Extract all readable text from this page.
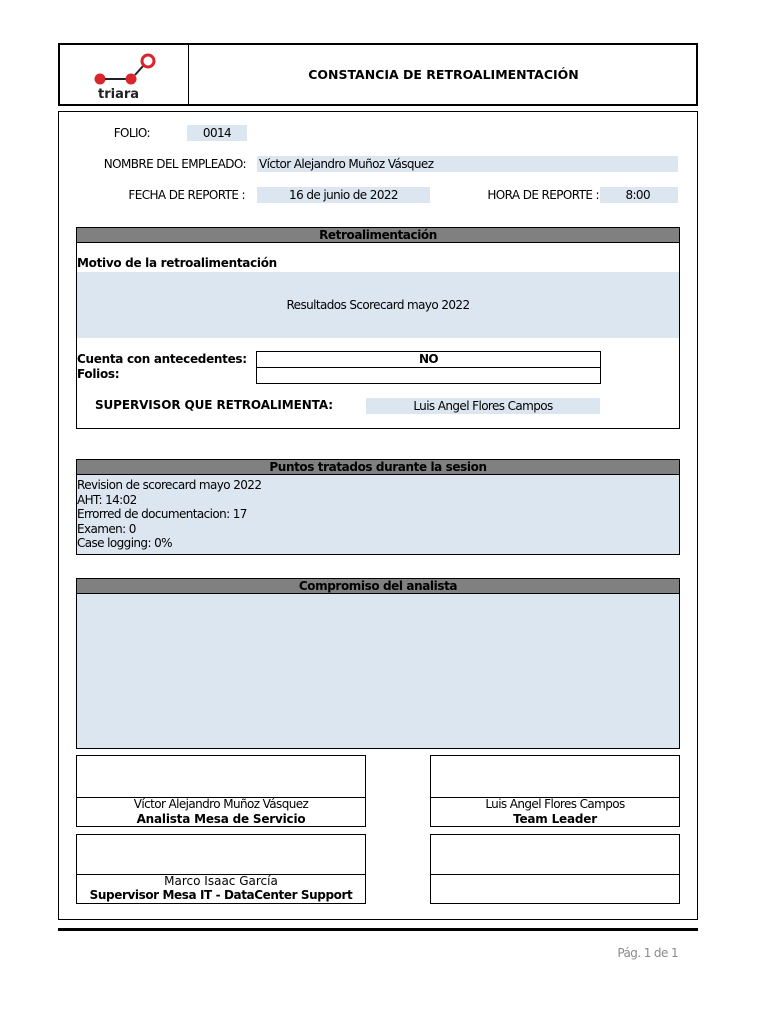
triara
CONSTANCIA DE RETROALIMENTACIÓN
FOLIO:	0014
NOMBRE DEL EMPLEADO: Víctor Alejandro Muñoz Vásquez
FECHA DE REPORTE :	16 de junio de 2022	HORA DE REPORTE :	8:00
Retroalimentación
Motivo de la retroalimentación
Resultados Scorecard mayo 2022
Cuenta con antecedentes:	NO
Folios:
SUPERVISOR QUE RETROALIMENTA:	Luis Angel Flores Campos
Puntos tratados durante la sesion
Revision de scorecard mayo 2022
AHT: 14:02
Errorred de documentacion: 17
Examen: 0
Case logging: 0%
Compromiso del analista
Víctor Alejandro Muñoz Vásquez
Analista Mesa de Servicio
Luis Angel Flores Campos
Team Leader
Marco Isaac García
Supervisor Mesa IT - DataCenter Support
Pág. 1 de 1
